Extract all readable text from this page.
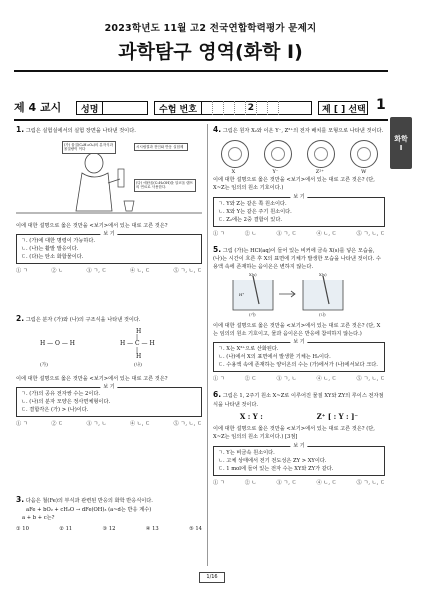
2023학년도 11월 고2 전국연합학력평가 문제지
과학탐구 영역(화학 I)
제 4 교시	성명	수험 번호	2	제 [ ] 선택 1
화학
I
1. 그림은 실험실에서의 실험 장면을 나타낸 것이다.
(가) 물질(C₆H₁₂O₆)의 분자식과 몰질량이 이다
시시립결과 전인와 반응 실험제
(다) 에탄올(C₂H₅OH)을 알코올 램프의 연료로 사용한다.
이에 대한 설명으로 옳은 것만을 <보기>에서 있는 대로 고른 것은?
보 기
ㄱ. (가)에 대한 명령이 가능하다.
ㄴ. (나)는 활발 발응이다.
ㄷ. (다)는 탄소 화합물이다.
① ㄱ	② ㄴ	③ ㄱ, ㄷ	④ ㄴ, ㄷ	⑤ ㄱ, ㄴ, ㄷ
2. 그림은 분자 (가)와 (나)의 구조식을 나타낸 것이다.
H — O — H
(가)
H
|
H — C — H
|
H
(나)
이에 대한 설명으로 옳은 것만을 <보기>에서 있는 대로 고른 것은?
보 기
ㄱ. (가)의 공유 전자쌍 수는 2이다.
ㄴ. (나)의 분자 모양은 정사면체형이다.
ㄷ. 결합각은 (가) > (나)이다.
① ㄱ	② ㄷ	③ ㄱ, ㄴ	④ ㄴ, ㄷ	⑤ ㄱ, ㄴ, ㄷ
3. 다음은 철(Fe)의 부식과 관련된 반응의 화학 반응식이다.
aFe + bO₂ + cH₂O → dFe(OH)₃ (a~d는 반응 계수)
a + b + c는?
① 10	② 11	③ 12	④ 13	⑤ 14
4. 그림은 원자 X₂와 이온 Y⁻, Z²⁺의 전자 배치를 모형으로 나타낸 것이다.
X	Y⁻	Z²⁺	W
이에 대한 설명으로 옳은 것만을 <보기>에서 있는 대로 고른 것은? (단, X~Z는 임의의 원소 기호이다.)
보 기
ㄱ. Y와 Z는 같은 쪽 원소이다.
ㄴ. X와 Y는 같은 주기 원소이다.
ㄷ. Z₂에는 2중 결합이 있다.
① ㄱ	② ㄴ	③ ㄱ, ㄷ	④ ㄴ, ㄷ	⑤ ㄱ, ㄴ, ㄷ
5. 그림 (가)는 HCl(aq)이 들어 있는 비커에 금속 X(s)를 넣은 모습을, (나)는 시간이 흐른 후 X의 표면에 기체가 발생한 모습을 나타낸 것이다. 수용액 속에 존재하는 음이온은 변하지 않는다.
X(s)
H⁺
X(s)
(가)	(나)
이에 대한 설명으로 옳은 것만을 <보기>에서 있는 대로 고른 것은? (단, X는 임의의 원소 기호이고, 물과 음이온은 반응에 참여하지 않는다.)
보 기
ㄱ. X는 X²⁺으로 산화된다.
ㄴ. (나)에서 X의 표면에서 발생한 기체는 H₂이다.
ㄷ. 수용액 속에 존재하는 양이온의 수는 (가)에서가 (나)에서보다 크다.
① ㄱ	② ㄷ	③ ㄱ, ㄴ	④ ㄴ, ㄷ	⑤ ㄱ, ㄴ, ㄷ
6. 그림은 1, 2주기 원소 X~Z로 이루어진 물질 XY와 ZY의 루이스 전자점식을 나타낸 것이다.
X : Y :	Z⁺ [ : Y : ]⁻
이에 대한 설명으로 옳은 것만을 <보기>에서 있는 대로 고른 것은? (단, X~Z는 임의의 원소 기호이다.) [3점]
보 기
ㄱ. Y는 비금속 원소이다.
ㄴ. 고체 상태에서 전기 전도성은 ZY > XY이다.
ㄷ. 1 mol에 들어 있는 전자 수는 XY와 ZY가 같다.
① ㄱ	② ㄴ	③ ㄱ, ㄷ	④ ㄴ, ㄷ	⑤ ㄱ, ㄴ, ㄷ
1/16
